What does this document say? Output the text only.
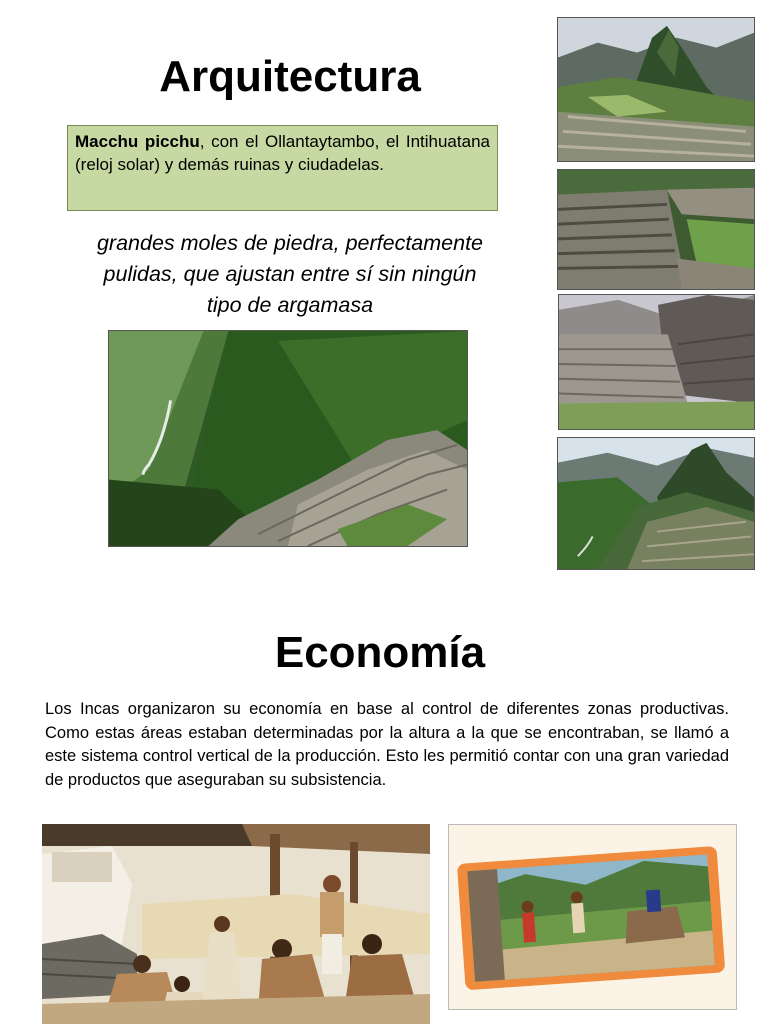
Arquitectura
Macchu picchu, con el Ollantaytambo, el Intihuatana (reloj solar) y demás ruinas y ciudadelas.
grandes moles de piedra, perfectamente
pulidas, que ajustan entre sí sin ningún
tipo de argamasa
Economía

Los Incas organizaron su economía en base al control de diferentes zonas productivas. Como estas áreas estaban determinadas por la altura a la que se encontraban, se llamó a este sistema control vertical de la producción. Esto les permitió contar con una gran variedad de productos que aseguraban su subsistencia.
